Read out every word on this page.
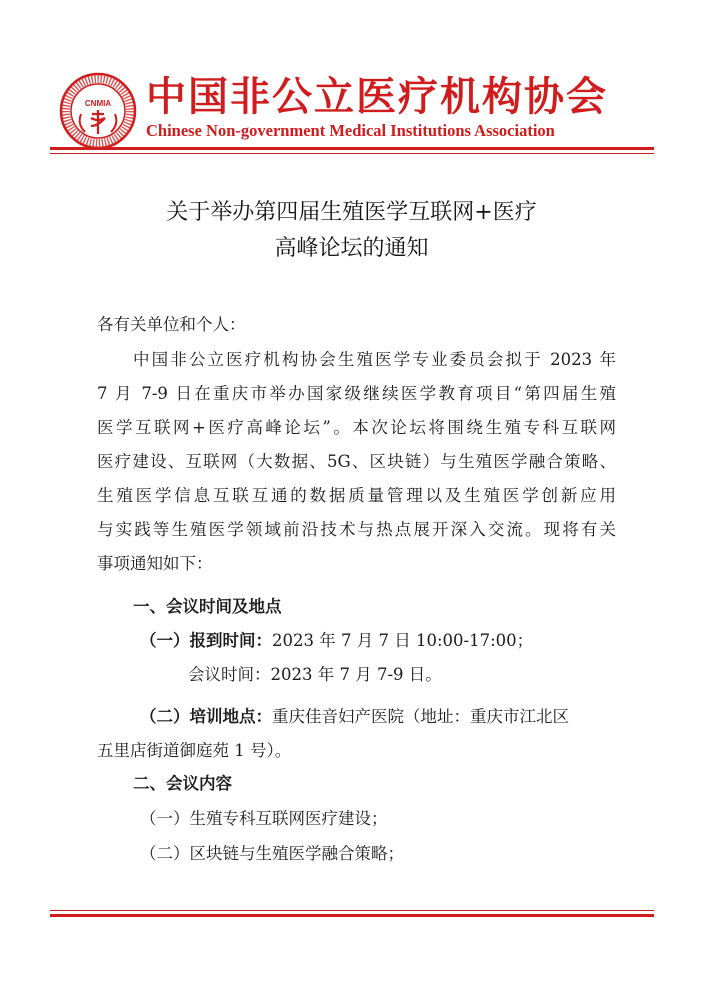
CNMIA 中国非公立医疗机构协会
Chinese Non-government Medical Institutions Association
关于举办第四届生殖医学互联网+医疗
高峰论坛的通知
各有关单位和个人：
中国非公立医疗机构协会生殖医学专业委员会拟于 2023 年
7 月 7-9 日在重庆市举办国家级继续医学教育项目“第四届生殖
医学互联网+医疗高峰论坛”。本次论坛将围绕生殖专科互联网
医疗建设、互联网（大数据、5G、区块链）与生殖医学融合策略、
生殖医学信息互联互通的数据质量管理以及生殖医学创新应用
与实践等生殖医学领域前沿技术与热点展开深入交流。现将有关
事项通知如下：
一、会议时间及地点
（一）报到时间：2023 年 7 月 7 日 10:00-17:00；
会议时间：2023 年 7 月 7-9 日。
（二）培训地点：重庆佳音妇产医院（地址：重庆市江北区
五里店街道御庭苑 1 号）。
二、会议内容
（一）生殖专科互联网医疗建设；
（二）区块链与生殖医学融合策略；
